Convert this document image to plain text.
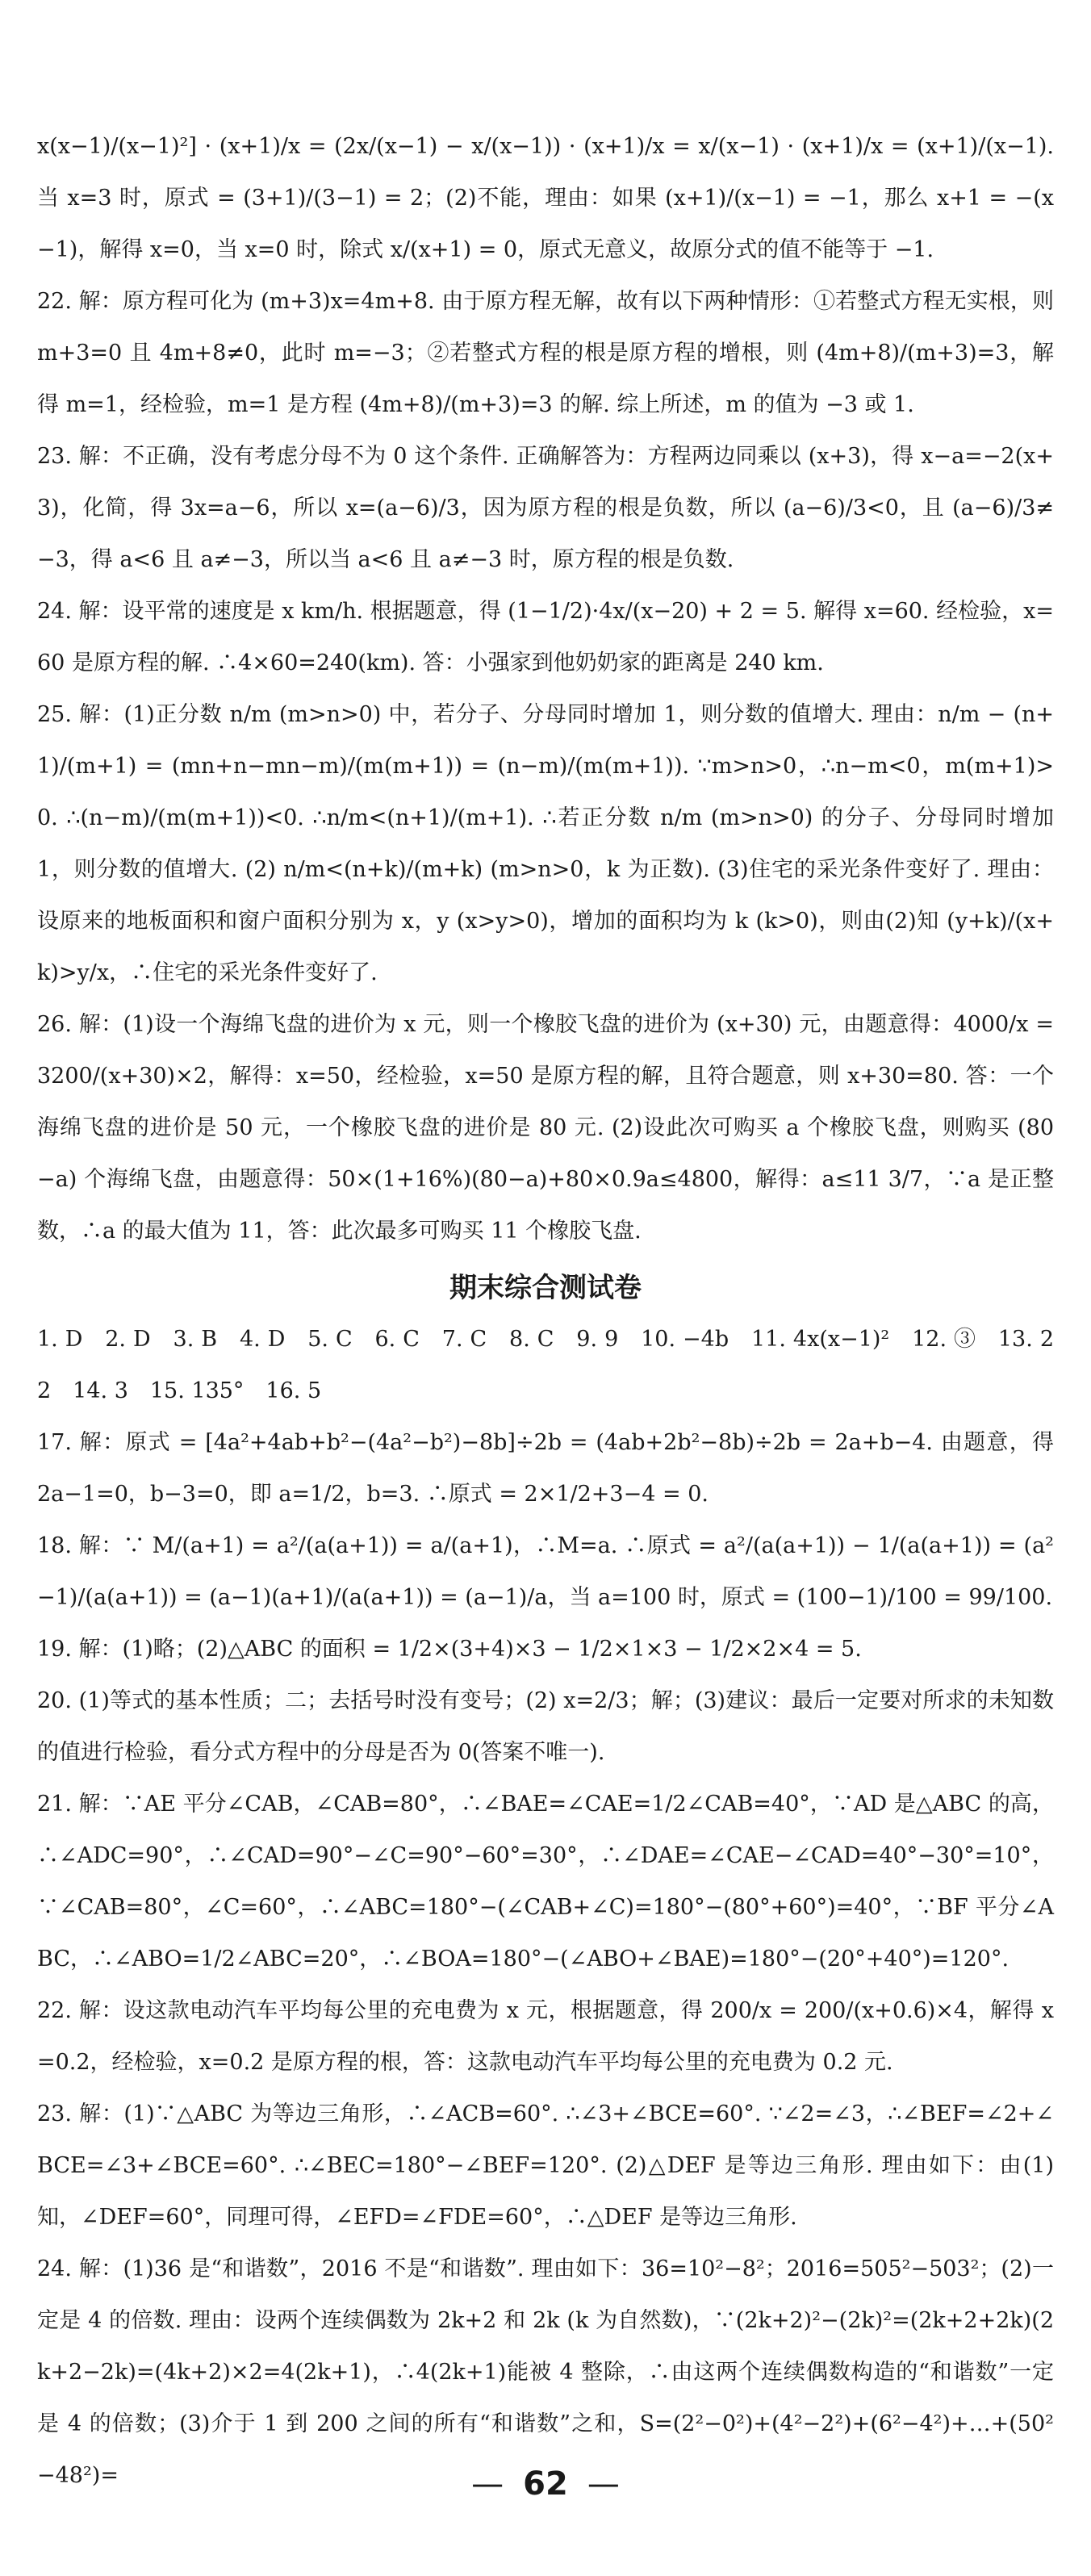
x(x−1)/(x−1)²] · (x+1)/x = (2x/(x−1) − x/(x−1)) · (x+1)/x = x/(x−1) · (x+1)/x = (x+1)/(x−1). 当 x=3 时，原式 = (3+1)/(3−1) = 2；(2)不能，理由：如果 (x+1)/(x−1) = −1，那么 x+1 = −(x−1)，解得 x=0，当 x=0 时，除式 x/(x+1) = 0，原式无意义，故原分式的值不能等于 −1.

22. 解：原方程可化为 (m+3)x=4m+8. 由于原方程无解，故有以下两种情形：①若整式方程无实根，则 m+3=0 且 4m+8≠0，此时 m=−3；②若整式方程的根是原方程的增根，则 (4m+8)/(m+3)=3，解得 m=1，经检验，m=1 是方程 (4m+8)/(m+3)=3 的解. 综上所述，m 的值为 −3 或 1.

23. 解：不正确，没有考虑分母不为 0 这个条件. 正确解答为：方程两边同乘以 (x+3)，得 x−a=−2(x+3)，化简，得 3x=a−6，所以 x=(a−6)/3，因为原方程的根是负数，所以 (a−6)/3<0，且 (a−6)/3≠−3，得 a<6 且 a≠−3，所以当 a<6 且 a≠−3 时，原方程的根是负数.

24. 解：设平常的速度是 x km/h. 根据题意，得 (1−1/2)·4x/(x−20) + 2 = 5. 解得 x=60. 经检验，x=60 是原方程的解. ∴4×60=240(km). 答：小强家到他奶奶家的距离是 240 km.

25. 解：(1)正分数 n/m (m>n>0) 中，若分子、分母同时增加 1，则分数的值增大. 理由：n/m − (n+1)/(m+1) = (mn+n−mn−m)/(m(m+1)) = (n−m)/(m(m+1)). ∵m>n>0，∴n−m<0，m(m+1)>0. ∴(n−m)/(m(m+1))<0. ∴n/m<(n+1)/(m+1). ∴若正分数 n/m (m>n>0) 的分子、分母同时增加 1，则分数的值增大. (2) n/m<(n+k)/(m+k) (m>n>0，k 为正数). (3)住宅的采光条件变好了. 理由：设原来的地板面积和窗户面积分别为 x，y (x>y>0)，增加的面积均为 k (k>0)，则由(2)知 (y+k)/(x+k)>y/x，∴住宅的采光条件变好了.

26. 解：(1)设一个海绵飞盘的进价为 x 元，则一个橡胶飞盘的进价为 (x+30) 元，由题意得：4000/x = 3200/(x+30)×2，解得：x=50，经检验，x=50 是原方程的解，且符合题意，则 x+30=80. 答：一个海绵飞盘的进价是 50 元，一个橡胶飞盘的进价是 80 元. (2)设此次可购买 a 个橡胶飞盘，则购买 (80−a) 个海绵飞盘，由题意得：50×(1+16%)(80−a)+80×0.9a≤4800，解得：a≤11 3/7，∵a 是正整数，∴a 的最大值为 11，答：此次最多可购买 11 个橡胶飞盘.

期末综合测试卷

1. D　2. D　3. B　4. D　5. C　6. C　7. C　8. C　9. 9　10. −4b　11. 4x(x−1)²　12. ③　13. 22　14. 3　15. 135°　16. 5

17. 解：原式 = [4a²+4ab+b²−(4a²−b²)−8b]÷2b = (4ab+2b²−8b)÷2b = 2a+b−4. 由题意，得 2a−1=0，b−3=0，即 a=1/2，b=3. ∴原式 = 2×1/2+3−4 = 0.

18. 解：∵ M/(a+1) = a²/(a(a+1)) = a/(a+1)，∴M=a. ∴原式 = a²/(a(a+1)) − 1/(a(a+1)) = (a²−1)/(a(a+1)) = (a−1)(a+1)/(a(a+1)) = (a−1)/a，当 a=100 时，原式 = (100−1)/100 = 99/100.

19. 解：(1)略；(2)△ABC 的面积 = 1/2×(3+4)×3 − 1/2×1×3 − 1/2×2×4 = 5.

20. (1)等式的基本性质；二；去括号时没有变号；(2) x=2/3；解；(3)建议：最后一定要对所求的未知数的值进行检验，看分式方程中的分母是否为 0(答案不唯一).

21. 解：∵AE 平分∠CAB，∠CAB=80°，∴∠BAE=∠CAE=1/2∠CAB=40°，∵AD 是△ABC 的高，∴∠ADC=90°，∴∠CAD=90°−∠C=90°−60°=30°，∴∠DAE=∠CAE−∠CAD=40°−30°=10°，∵∠CAB=80°，∠C=60°，∴∠ABC=180°−(∠CAB+∠C)=180°−(80°+60°)=40°，∵BF 平分∠ABC，∴∠ABO=1/2∠ABC=20°，∴∠BOA=180°−(∠ABO+∠BAE)=180°−(20°+40°)=120°.

22. 解：设这款电动汽车平均每公里的充电费为 x 元，根据题意，得 200/x = 200/(x+0.6)×4，解得 x=0.2，经检验，x=0.2 是原方程的根，答：这款电动汽车平均每公里的充电费为 0.2 元.

23. 解：(1)∵△ABC 为等边三角形，∴∠ACB=60°. ∴∠3+∠BCE=60°. ∵∠2=∠3，∴∠BEF=∠2+∠BCE=∠3+∠BCE=60°. ∴∠BEC=180°−∠BEF=120°. (2)△DEF 是等边三角形. 理由如下：由(1)知，∠DEF=60°，同理可得，∠EFD=∠FDE=60°，∴△DEF 是等边三角形.

24. 解：(1)36 是“和谐数”，2016 不是“和谐数”. 理由如下：36=10²−8²；2016=505²−503²；(2)一定是 4 的倍数. 理由：设两个连续偶数为 2k+2 和 2k (k 为自然数)，∵(2k+2)²−(2k)²=(2k+2+2k)(2k+2−2k)=(4k+2)×2=4(2k+1)，∴4(2k+1)能被 4 整除，∴由这两个连续偶数构造的“和谐数”一定是 4 的倍数；(3)介于 1 到 200 之间的所有“和谐数”之和，S=(2²−0²)+(4²−2²)+(6²−4²)+…+(50²−48²)=	— 62 —
